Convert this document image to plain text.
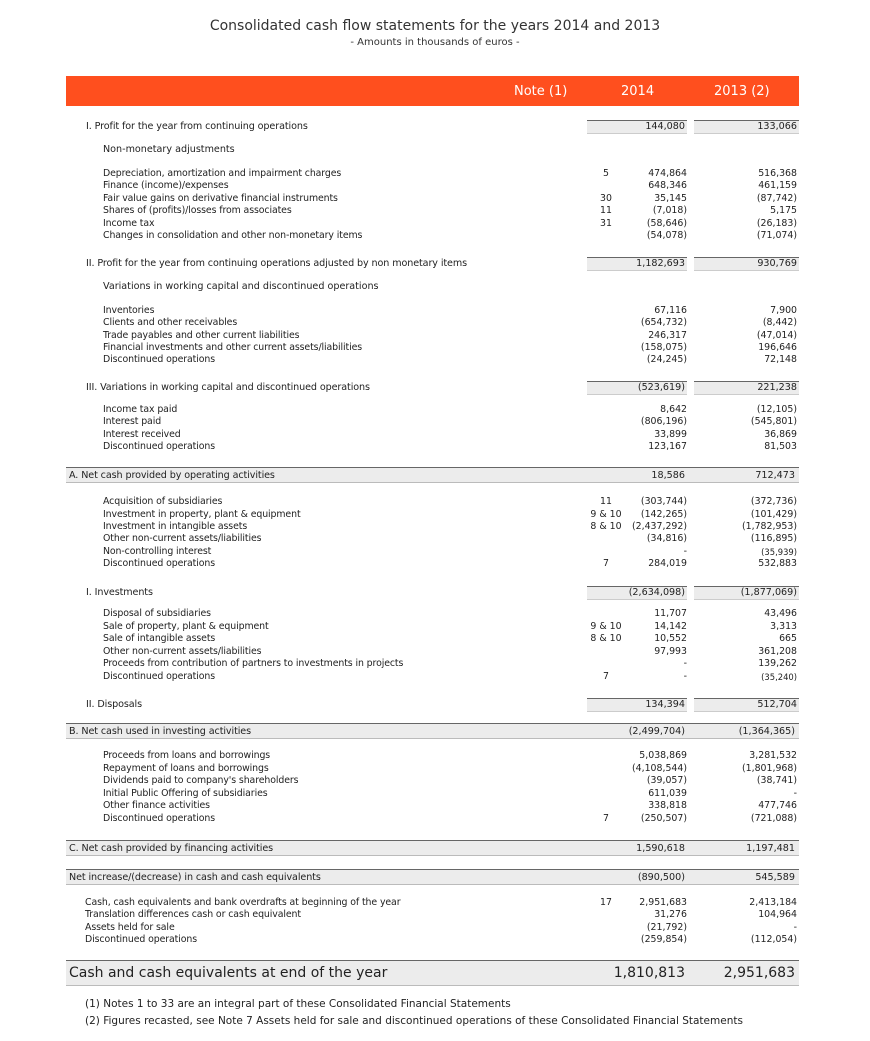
Consolidated cash flow statements for the years 2014 and 2013
- Amounts in thousands of euros -
Note (1)	2014	2013 (2)
I. Profit for the year from continuing operations	144,080	133,066
Non-monetary adjustments
Depreciation, amortization and impairment charges	5	474,864	516,368
Finance (income)/expenses	648,346	461,159
Fair value gains on derivative financial instruments	30	35,145	(87,742)
Shares of (profits)/losses from associates	11	(7,018)	5,175
Income tax	31	(58,646)	(26,183)
Changes in consolidation and other non-monetary items	(54,078)	(71,074)
II. Profit for the year from continuing operations adjusted by non monetary items	1,182,693	930,769
Variations in working capital and discontinued operations
Inventories	67,116	7,900
Clients and other receivables	(654,732)	(8,442)
Trade payables and other current liabilities	246,317	(47,014)
Financial investments and other current assets/liabilities	(158,075)	196,646
Discontinued operations	(24,245)	72,148
III. Variations in working capital and discontinued operations	(523,619)	221,238
Income tax paid	8,642	(12,105)
Interest paid	(806,196)	(545,801)
Interest received	33,899	36,869
Discontinued operations	123,167	81,503
A. Net cash provided by operating activities	18,586	712,473
Acquisition of subsidiaries	11	(303,744)	(372,736)
Investment in property, plant & equipment	9 & 10	(142,265)	(101,429)
Investment in intangible assets	8 & 10	(2,437,292)	(1,782,953)
Other non-current assets/liabilities	(34,816)	(116,895)
Non-controlling interest	-	(35,939)
Discontinued operations	7	284,019	532,883
I. Investments	(2,634,098)	(1,877,069)
Disposal of subsidiaries	11,707	43,496
Sale of property, plant & equipment	9 & 10	14,142	3,313
Sale of intangible assets	8 & 10	10,552	665
Other non-current assets/liabilities	97,993	361,208
Proceeds from contribution of partners to investments in projects	-	139,262
Discontinued operations	7	-	(35,240)
II. Disposals	134,394	512,704
B. Net cash used in investing activities	(2,499,704)	(1,364,365)
Proceeds from loans and borrowings	5,038,869	3,281,532
Repayment of loans and borrowings	(4,108,544)	(1,801,968)
Dividends paid to company's shareholders	(39,057)	(38,741)
Initial Public Offering of subsidiaries	611,039	-
Other finance activities	338,818	477,746
Discontinued operations	7	(250,507)	(721,088)
C. Net cash provided by financing activities	1,590,618	1,197,481
Net increase/(decrease) in cash and cash equivalents	(890,500)	545,589
Cash, cash equivalents and bank overdrafts at beginning of the year	17	2,951,683	2,413,184
Translation differences cash or cash equivalent	31,276	104,964
Assets held for sale	(21,792)	-
Discontinued operations	(259,854)	(112,054)
Cash and cash equivalents at end of the year	1,810,813	2,951,683
(1) Notes 1 to 33 are an integral part of these Consolidated Financial Statements
(2) Figures recasted, see Note 7 Assets held for sale and discontinued operations of these Consolidated Financial Statements
